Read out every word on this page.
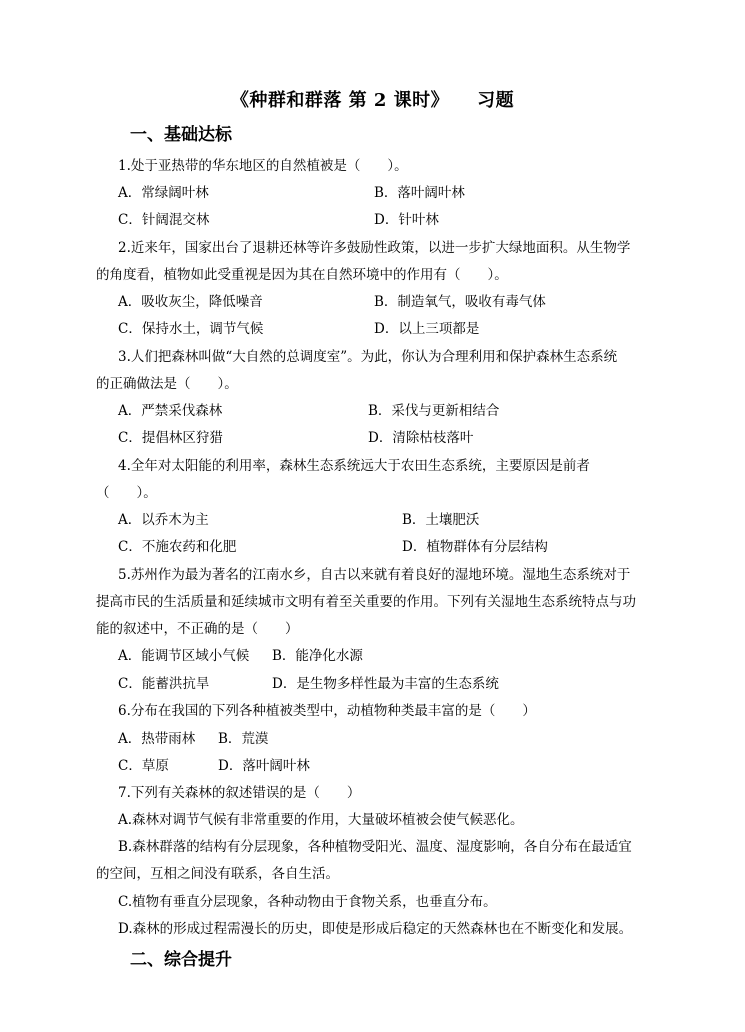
《种群和群落 第 2 课时》 习题
一、基础达标
1.处于亚热带的华东地区的自然植被是（　　）。
A．常绿阔叶林	B．落叶阔叶林
C．针阔混交林	D．针叶林
2.近来年，国家出台了退耕还林等许多鼓励性政策，以进一步扩大绿地面积。从生物学
的角度看，植物如此受重视是因为其在自然环境中的作用有（　　）。
A．吸收灰尘，降低噪音	B．制造氧气，吸收有毒气体
C．保持水土，调节气候	D．以上三项都是
3.人们把森林叫做“大自然的总调度室”。为此，你认为合理利用和保护森林生态系统
的正确做法是（　　）。
A．严禁采伐森林	B．采伐与更新相结合
C．提倡林区狩猎	D．清除枯枝落叶
4.全年对太阳能的利用率，森林生态系统远大于农田生态系统，主要原因是前者
（　　）。
A．以乔木为主	B．土壤肥沃
C．不施农药和化肥	D．植物群体有分层结构
5.苏州作为最为著名的江南水乡，自古以来就有着良好的湿地环境。湿地生态系统对于
提高市民的生活质量和延续城市文明有着至关重要的作用。下列有关湿地生态系统特点与功
能的叙述中，不正确的是（　　）
A．能调节区域小气候 B．能净化水源
C．能蓄洪抗旱	D．是生物多样性最为丰富的生态系统
6.分布在我国的下列各种植被类型中，动植物种类最丰富的是（　　）
A．热带雨林 B．荒漠
C．草原	D．落叶阔叶林
7.下列有关森林的叙述错误的是（　　）
A.森林对调节气候有非常重要的作用，大量破坏植被会使气候恶化。
B.森林群落的结构有分层现象，各种植物受阳光、温度、湿度影响，各自分布在最适宜
的空间，互相之间没有联系，各自生活。
C.植物有垂直分层现象，各种动物由于食物关系，也垂直分布。
D.森林的形成过程需漫长的历史，即使是形成后稳定的天然森林也在不断变化和发展。
二、综合提升
